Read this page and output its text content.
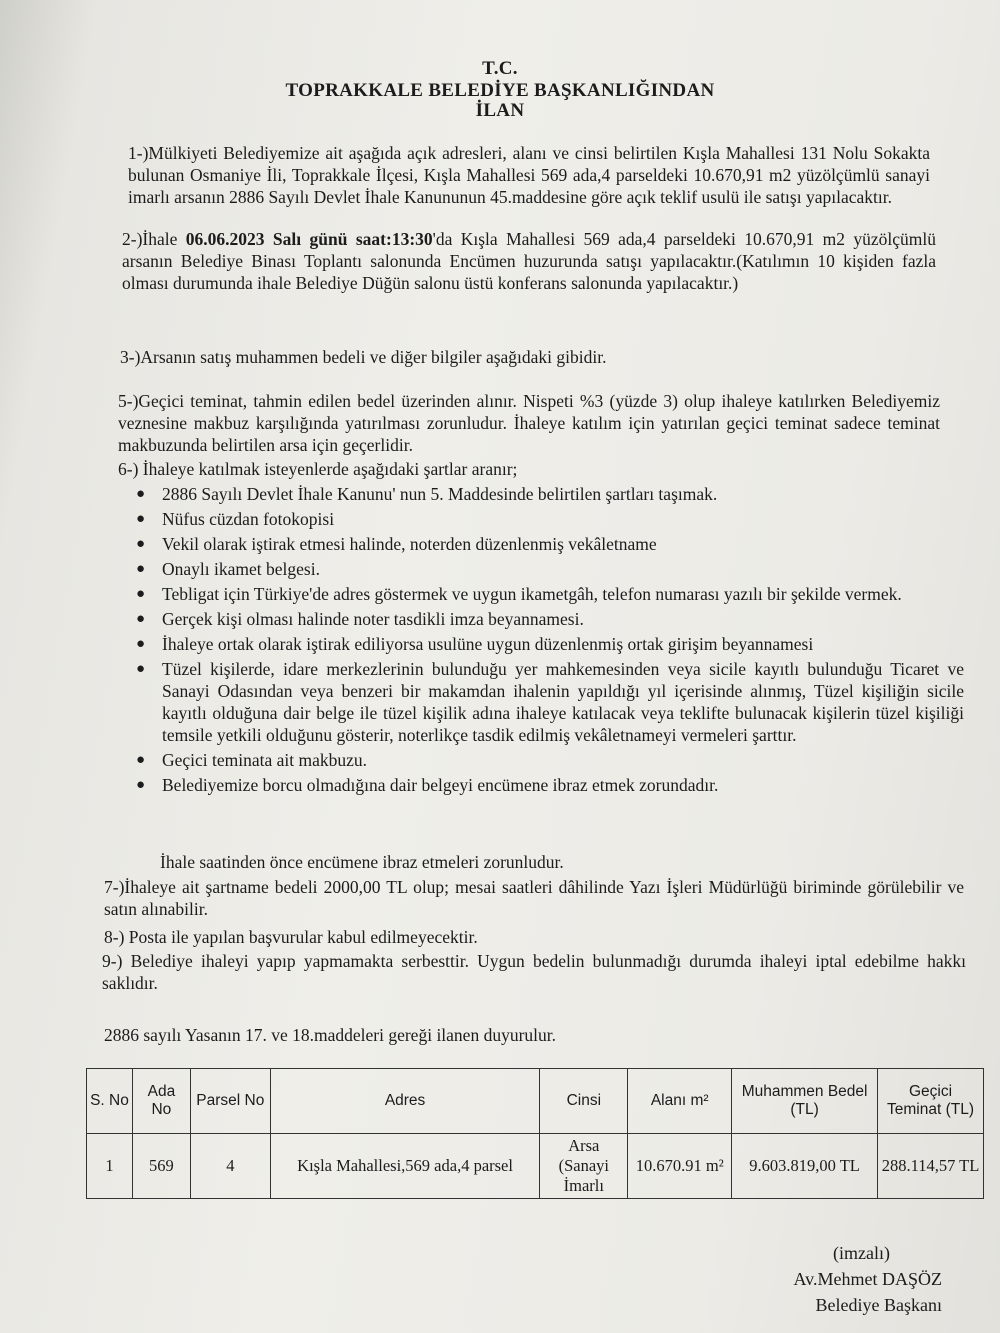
T.C.
TOPRAKKALE BELEDİYE BAŞKANLIĞINDAN
İLAN

1-)Mülkiyeti Belediyemize ait aşağıda açık adresleri, alanı ve cinsi belirtilen Kışla Mahallesi 131 Nolu Sokakta bulunan Osmaniye İli, Toprakkale İlçesi, Kışla Mahallesi 569 ada,4 parseldeki 10.670,91 m2 yüzölçümlü sanayi imarlı arsanın 2886 Sayılı Devlet İhale Kanununun 45.maddesine göre açık teklif usulü ile satışı yapılacaktır.

2-)İhale 06.06.2023 Salı günü saat:13:30'da Kışla Mahallesi 569 ada,4 parseldeki 10.670,91 m2 yüzölçümlü arsanın Belediye Binası Toplantı salonunda Encümen huzurunda satışı yapılacaktır.(Katılımın 10 kişiden fazla olması durumunda ihale Belediye Düğün salonu üstü konferans salonunda yapılacaktır.)

3-)Arsanın satış muhammen bedeli ve diğer bilgiler aşağıdaki gibidir.

5-)Geçici teminat, tahmin edilen bedel üzerinden alınır. Nispeti %3 (yüzde 3) olup ihaleye katılırken Belediyemiz veznesine makbuz karşılığında yatırılması zorunludur. İhaleye katılım için yatırılan geçici teminat sadece teminat makbuzunda belirtilen arsa için geçerlidir.

6-) İhaleye katılmak isteyenlerde aşağıdaki şartlar aranır;

● 2886 Sayılı Devlet İhale Kanunu' nun 5. Maddesinde belirtilen şartları taşımak.
● Nüfus cüzdan fotokopisi
● Vekil olarak iştirak etmesi halinde, noterden düzenlenmiş vekâletname
● Onaylı ikamet belgesi.
● Tebligat için Türkiye'de adres göstermek ve uygun ikametgâh, telefon numarası yazılı bir şekilde vermek.
● Gerçek kişi olması halinde noter tasdikli imza beyannamesi.
● İhaleye ortak olarak iştirak ediliyorsa usulüne uygun düzenlenmiş ortak girişim beyannamesi
● Tüzel kişilerde, idare merkezlerinin bulunduğu yer mahkemesinden veya sicile kayıtlı bulunduğu Ticaret ve Sanayi Odasından veya benzeri bir makamdan ihalenin yapıldığı yıl içerisinde alınmış, Tüzel kişiliğin sicile kayıtlı olduğuna dair belge ile tüzel kişilik adına ihaleye katılacak veya teklifte bulunacak kişilerin tüzel kişiliği temsile yetkili olduğunu gösterir, noterlikçe tasdik edilmiş vekâletnameyi vermeleri şarttır.
● Geçici teminata ait makbuzu.
● Belediyemize borcu olmadığına dair belgeyi encümene ibraz etmek zorundadır.

İhale saatinden önce encümene ibraz etmeleri zorunludur.

7-)İhaleye ait şartname bedeli 2000,00 TL olup; mesai saatleri dâhilinde Yazı İşleri Müdürlüğü biriminde görülebilir ve satın alınabilir.

8-) Posta ile yapılan başvurular kabul edilmeyecektir.

9-) Belediye ihaleyi yapıp yapmamakta serbesttir. Uygun bedelin bulunmadığı durumda ihaleyi iptal edebilme hakkı saklıdır.

2886 sayılı Yasanın 17. ve 18.maddeleri gereği ilanen duyurulur.

S. No	Ada No	Parsel No	Adres	Cinsi	Alanı m²	Muhammen Bedel (TL)	Geçici Teminat (TL)
1	569	4	Kışla Mahallesi,569 ada,4 parsel	Arsa (Sanayi İmarlı	10.670.91 m²	9.603.819,00 TL	288.114,57 TL
(imzalı)
Av.Mehmet DAŞÖZ
Belediye Başkanı
